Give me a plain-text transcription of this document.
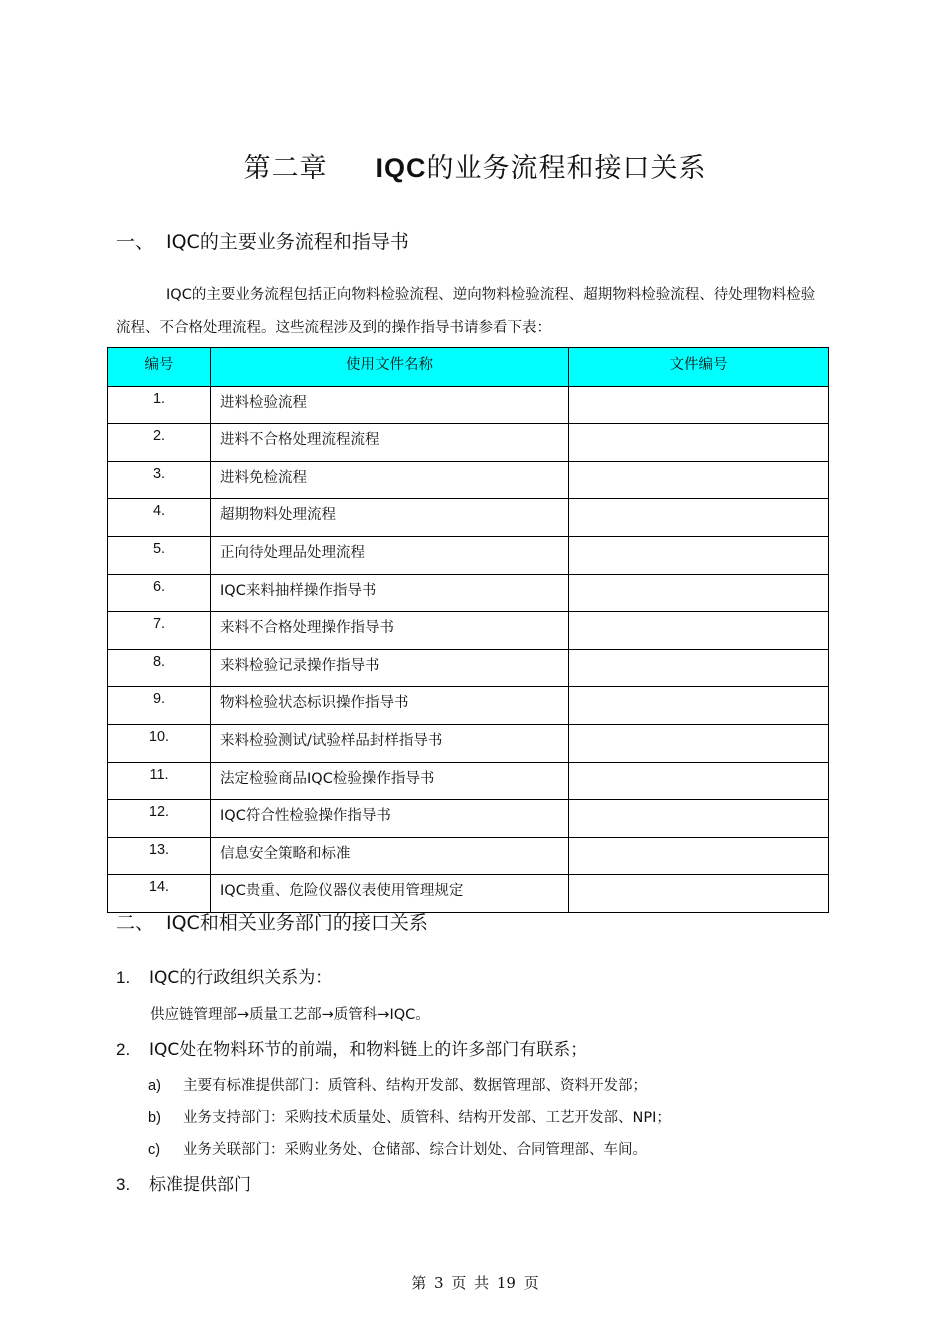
第二章 IQC的业务流程和接口关系
一、 IQC的主要业务流程和指导书
IQC的主要业务流程包括正向物料检验流程、逆向物料检验流程、超期物料检验流程、待处理物料检验流程、不合格处理流程。这些流程涉及到的操作指导书请参看下表：
编号	使用文件名称	文件编号
1.	进料检验流程	
2.	进料不合格处理流程流程	
3.	进料免检流程	
4.	超期物料处理流程	
5.	正向待处理品处理流程	
6.	IQC来料抽样操作指导书	
7.	来料不合格处理操作指导书	
8.	来料检验记录操作指导书	
9.	物料检验状态标识操作指导书	
10.	来料检验测试/试验样品封样指导书	
11.	法定检验商品IQC检验操作指导书	
12.	IQC符合性检验操作指导书	
13.	信息安全策略和标准	
14.	IQC贵重、危险仪器仪表使用管理规定	
二、 IQC和相关业务部门的接口关系
1. IQC的行政组织关系为：
供应链管理部→质量工艺部→质管科→IQC。
2. IQC处在物料环节的前端，和物料链上的许多部门有联系；
a) 主要有标准提供部门：质管科、结构开发部、数据管理部、资料开发部；
b) 业务支持部门：采购技术质量处、质管科、结构开发部、工艺开发部、NPI；
c) 业务关联部门：采购业务处、仓储部、综合计划处、合同管理部、车间。
3. 标准提供部门
第 3 页 共 19 页
